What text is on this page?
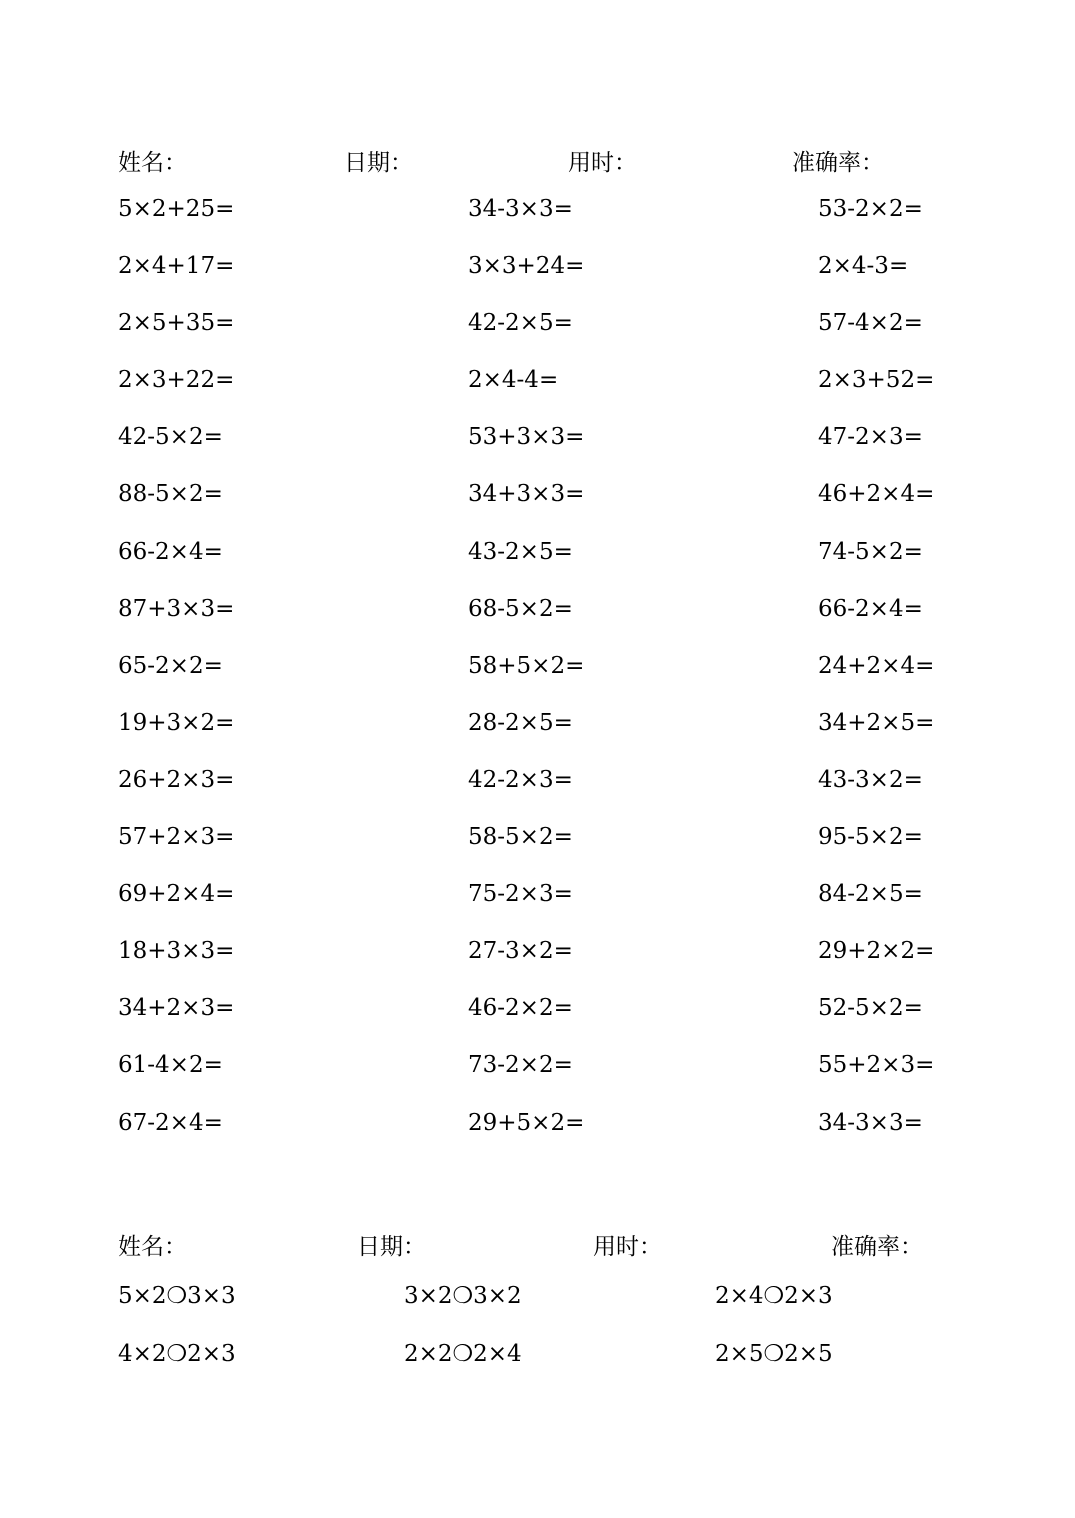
姓名：	日期：	用时：	准确率：
5×2+25=	34-3×3=	53-2×2=
2×4+17=	3×3+24=	2×4-3=
2×5+35=	42-2×5=	57-4×2=
2×3+22=	2×4-4=	2×3+52=
42-5×2=	53+3×3=	47-2×3=
88-5×2=	34+3×3=	46+2×4=
66-2×4=	43-2×5=	74-5×2=
87+3×3=	68-5×2=	66-2×4=
65-2×2=	58+5×2=	24+2×4=
19+3×2=	28-2×5=	34+2×5=
26+2×3=	42-2×3=	43-3×2=
57+2×3=	58-5×2=	95-5×2=
69+2×4=	75-2×3=	84-2×5=
18+3×3=	27-3×2=	29+2×2=
34+2×3=	46-2×2=	52-5×2=
61-4×2=	73-2×2=	55+2×3=
67-2×4=	29+5×2=	34-3×3=
姓名：	日期：	用时：	准确率：
5×2❍3×3	3×2❍3×2	2×4❍2×3
4×2❍2×3	2×2❍2×4	2×5❍2×5
